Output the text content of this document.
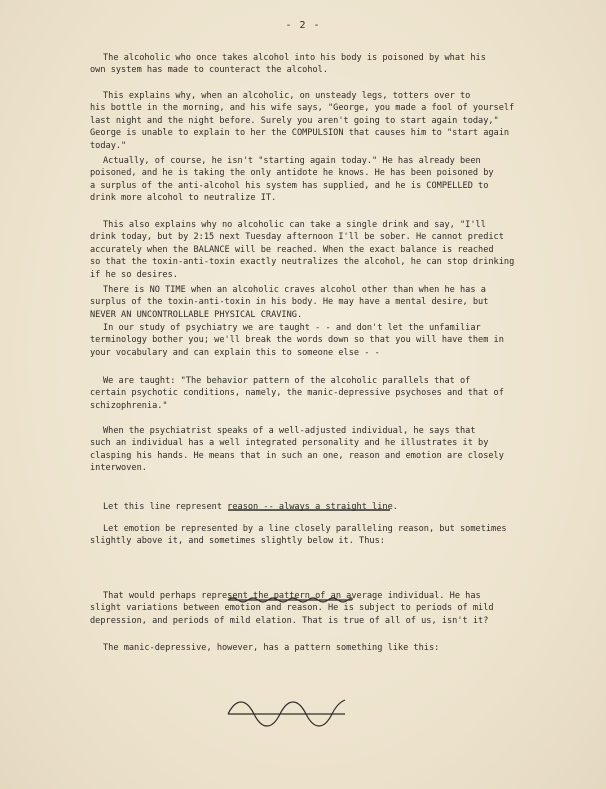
- 2 -
The alcoholic who once takes alcohol into his body is poisoned by what his
own system has made to counteract the alcohol.
This explains why, when an alcoholic, on unsteady legs, totters over to
his bottle in the morning, and his wife says, "George, you made a fool of yourself
last night and the night before. Surely you aren't going to start again today,"
George is unable to explain to her the COMPULSION that causes him to "start again
today."
Actually, of course, he isn't "starting again today." He has already been
poisoned, and he is taking the only antidote he knows. He has been poisoned by
a surplus of the anti-alcohol his system has supplied, and he is COMPELLED to
drink more alcohol to neutralize IT.
This also explains why no alcoholic can take a single drink and say, "I'll
drink today, but by 2:15 next Tuesday afternoon I'll be sober. He cannot predict
accurately when the BALANCE will be reached. When the exact balance is reached
so that the toxin-anti-toxin exactly neutralizes the alcohol, he can stop drinking
if he so desires.
There is NO TIME when an alcoholic craves alcohol other than when he has a
surplus of the toxin-anti-toxin in his body. He may have a mental desire, but
NEVER AN UNCONTROLLABLE PHYSICAL CRAVING.
In our study of psychiatry we are taught - - and don't let the unfamiliar
terminology bother you; we'll break the words down so that you will have them in
your vocabulary and can explain this to someone else - -
We are taught: "The behavior pattern of the alcoholic parallels that of
certain psychotic conditions, namely, the manic-depressive psychoses and that of
schizophrenia."
When the psychiatrist speaks of a well-adjusted individual, he says that
such an individual has a well integrated personality and he illustrates it by
clasping his hands. He means that in such an one, reason and emotion are closely
interwoven.
Let this line represent reason -- always a straight line.
Let emotion be represented by a line closely paralleling reason, but sometimes
slightly above it, and sometimes slightly below it. Thus:
That would perhaps represent the pattern of an average individual. He has
slight variations between emotion and reason. He is subject to periods of mild
depression, and periods of mild elation. That is true of all of us, isn't it?
The manic-depressive, however, has a pattern something like this:
